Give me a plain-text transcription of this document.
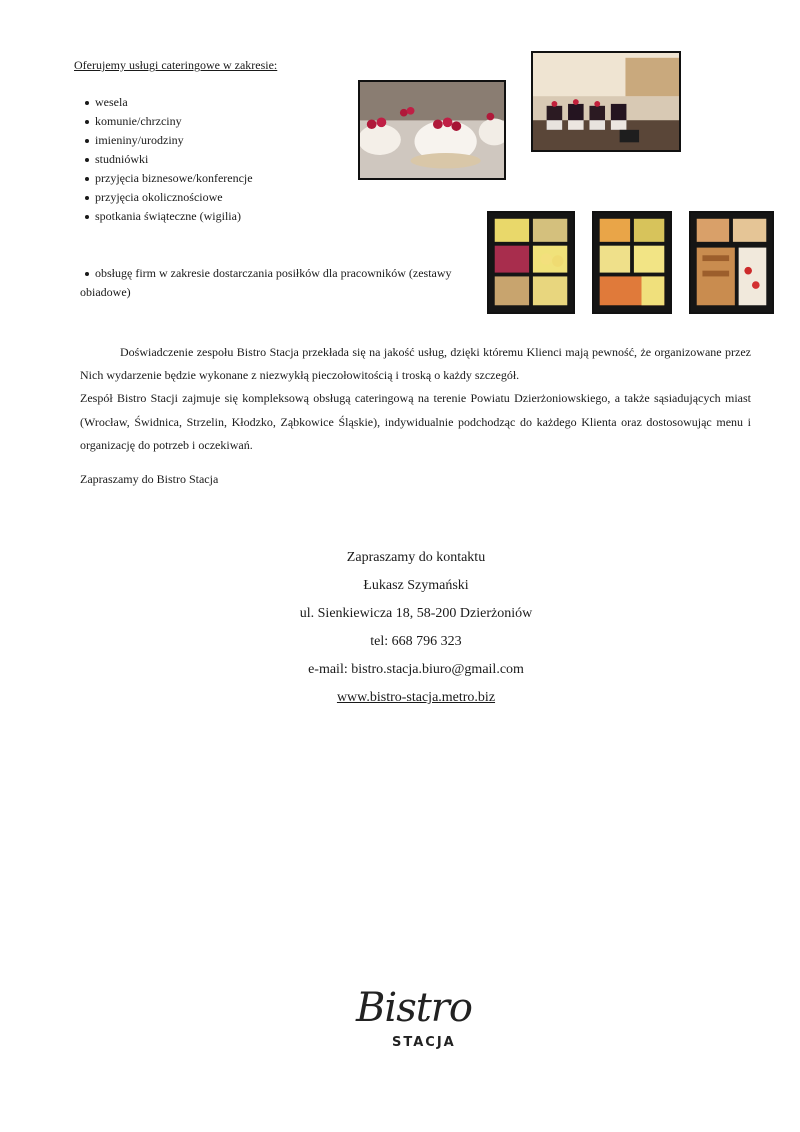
Oferujemy usługi cateringowe w zakresie:
wesela
komunie/chrzciny
imieniny/urodziny
studniówki
przyjęcia biznesowe/konferencje
przyjęcia okolicznościowe
spotkania świąteczne (wigilia)
obsługę firm w zakresie dostarczania posiłków dla pracowników (zestawy obiadowe)

Doświadczenie zespołu Bistro Stacja przekłada się na jakość usług, dzięki któremu Klienci mają pewność, że organizowane przez Nich wydarzenie będzie wykonane z niezwykłą pieczołowitością i troską o każdy szczegół.

Zespół Bistro Stacji zajmuje się kompleksową obsługą cateringową na terenie Powiatu Dzierżoniowskiego, a także sąsiadujących miast (Wrocław, Świdnica, Strzelin, Kłodzko, Ząbkowice Śląskie), indywidualnie podchodząc do każdego Klienta oraz dostosowując menu i organizację do potrzeb i oczekiwań.

Zapraszamy do Bistro Stacja
Zapraszamy do kontaktu
Łukasz Szymański
ul. Sienkiewicza 18, 58-200 Dzierżoniów
tel: 668 796 323
e-mail: bistro.stacja.biuro@gmail.com
www.bistro-stacja.metro.biz
Bistro
STACJA
